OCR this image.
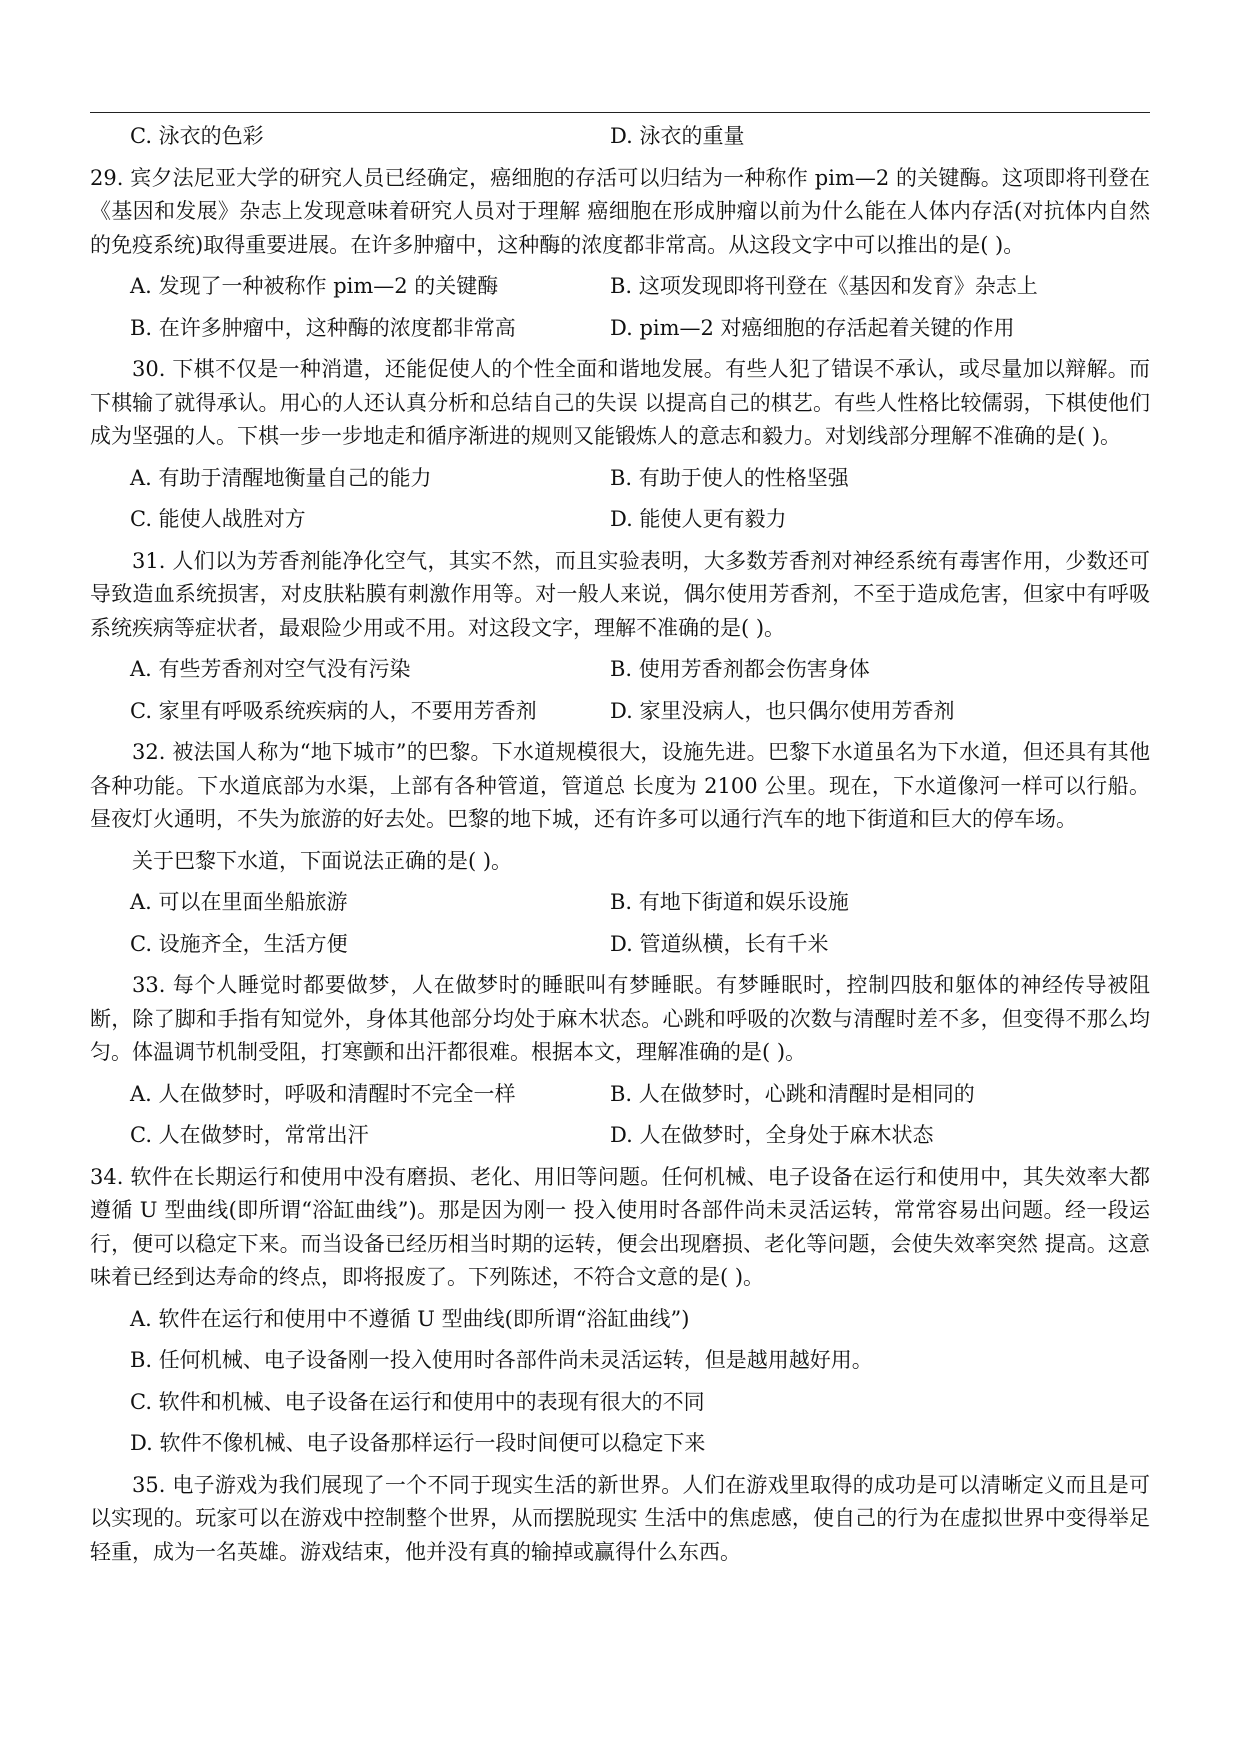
C. 泳衣的色彩	D. 泳衣的重量

29. 宾夕法尼亚大学的研究人员已经确定，癌细胞的存活可以归结为一种称作 pim—2 的关键酶。这项即将刊登在《基因和发展》杂志上发现意味着研究人员对于理解 癌细胞在形成肿瘤以前为什么能在人体内存活(对抗体内自然的免疫系统)取得重要进展。在许多肿瘤中，这种酶的浓度都非常高。从这段文字中可以推出的是( )。

A. 发现了一种被称作 pim—2 的关键酶	B. 这项发现即将刊登在《基因和发育》杂志上
B. 在许多肿瘤中，这种酶的浓度都非常高	D. pim—2 对癌细胞的存活起着关键的作用

30. 下棋不仅是一种消遣，还能促使人的个性全面和谐地发展。有些人犯了错误不承认，或尽量加以辩解。而下棋输了就得承认。用心的人还认真分析和总结自己的失误 以提高自己的棋艺。有些人性格比较儒弱，下棋使他们成为坚强的人。下棋一步一步地走和循序渐进的规则又能锻炼人的意志和毅力。对划线部分理解不准确的是( )。

A. 有助于清醒地衡量自己的能力	B. 有助于使人的性格坚强
C. 能使人战胜对方	D. 能使人更有毅力

31. 人们以为芳香剂能净化空气，其实不然，而且实验表明，大多数芳香剂对神经系统有毒害作用，少数还可导致造血系统损害，对皮肤粘膜有刺激作用等。对一般人来说，偶尔使用芳香剂，不至于造成危害，但家中有呼吸系统疾病等症状者，最艰险少用或不用。对这段文字，理解不准确的是( )。

A. 有些芳香剂对空气没有污染	B. 使用芳香剂都会伤害身体
C. 家里有呼吸系统疾病的人，不要用芳香剂	D. 家里没病人，也只偶尔使用芳香剂

32. 被法国人称为“地下城市”的巴黎。下水道规模很大，设施先进。巴黎下水道虽名为下水道，但还具有其他各种功能。下水道底部为水渠，上部有各种管道，管道总 长度为 2100 公里。现在，下水道像河一样可以行船。昼夜灯火通明，不失为旅游的好去处。巴黎的地下城，还有许多可以通行汽车的地下街道和巨大的停车场。

关于巴黎下水道，下面说法正确的是( )。

A. 可以在里面坐船旅游	B. 有地下街道和娱乐设施
C. 设施齐全，生活方便	D. 管道纵横，长有千米

33. 每个人睡觉时都要做梦，人在做梦时的睡眠叫有梦睡眠。有梦睡眠时，控制四肢和躯体的神经传导被阻断，除了脚和手指有知觉外，身体其他部分均处于麻木状态。心跳和呼吸的次数与清醒时差不多，但变得不那么均匀。体温调节机制受阻，打寒颤和出汗都很难。根据本文，理解准确的是( )。

A. 人在做梦时，呼吸和清醒时不完全一样	B. 人在做梦时，心跳和清醒时是相同的
C. 人在做梦时，常常出汗	D. 人在做梦时，全身处于麻木状态

34. 软件在长期运行和使用中没有磨损、老化、用旧等问题。任何机械、电子设备在运行和使用中，其失效率大都遵循 U 型曲线(即所谓“浴缸曲线”)。那是因为刚一 投入使用时各部件尚未灵活运转，常常容易出问题。经一段运行，便可以稳定下来。而当设备已经历相当时期的运转，便会出现磨损、老化等问题，会使失效率突然 提高。这意味着已经到达寿命的终点，即将报废了。下列陈述，不符合文意的是( )。

A. 软件在运行和使用中不遵循 U 型曲线(即所谓“浴缸曲线”)

B. 任何机械、电子设备刚一投入使用时各部件尚未灵活运转，但是越用越好用。

C. 软件和机械、电子设备在运行和使用中的表现有很大的不同

D. 软件不像机械、电子设备那样运行一段时间便可以稳定下来

35. 电子游戏为我们展现了一个不同于现实生活的新世界。人们在游戏里取得的成功是可以清晰定义而且是可以实现的。玩家可以在游戏中控制整个世界，从而摆脱现实 生活中的焦虑感，使自己的行为在虚拟世界中变得举足轻重，成为一名英雄。游戏结束，他并没有真的输掉或赢得什么东西。
